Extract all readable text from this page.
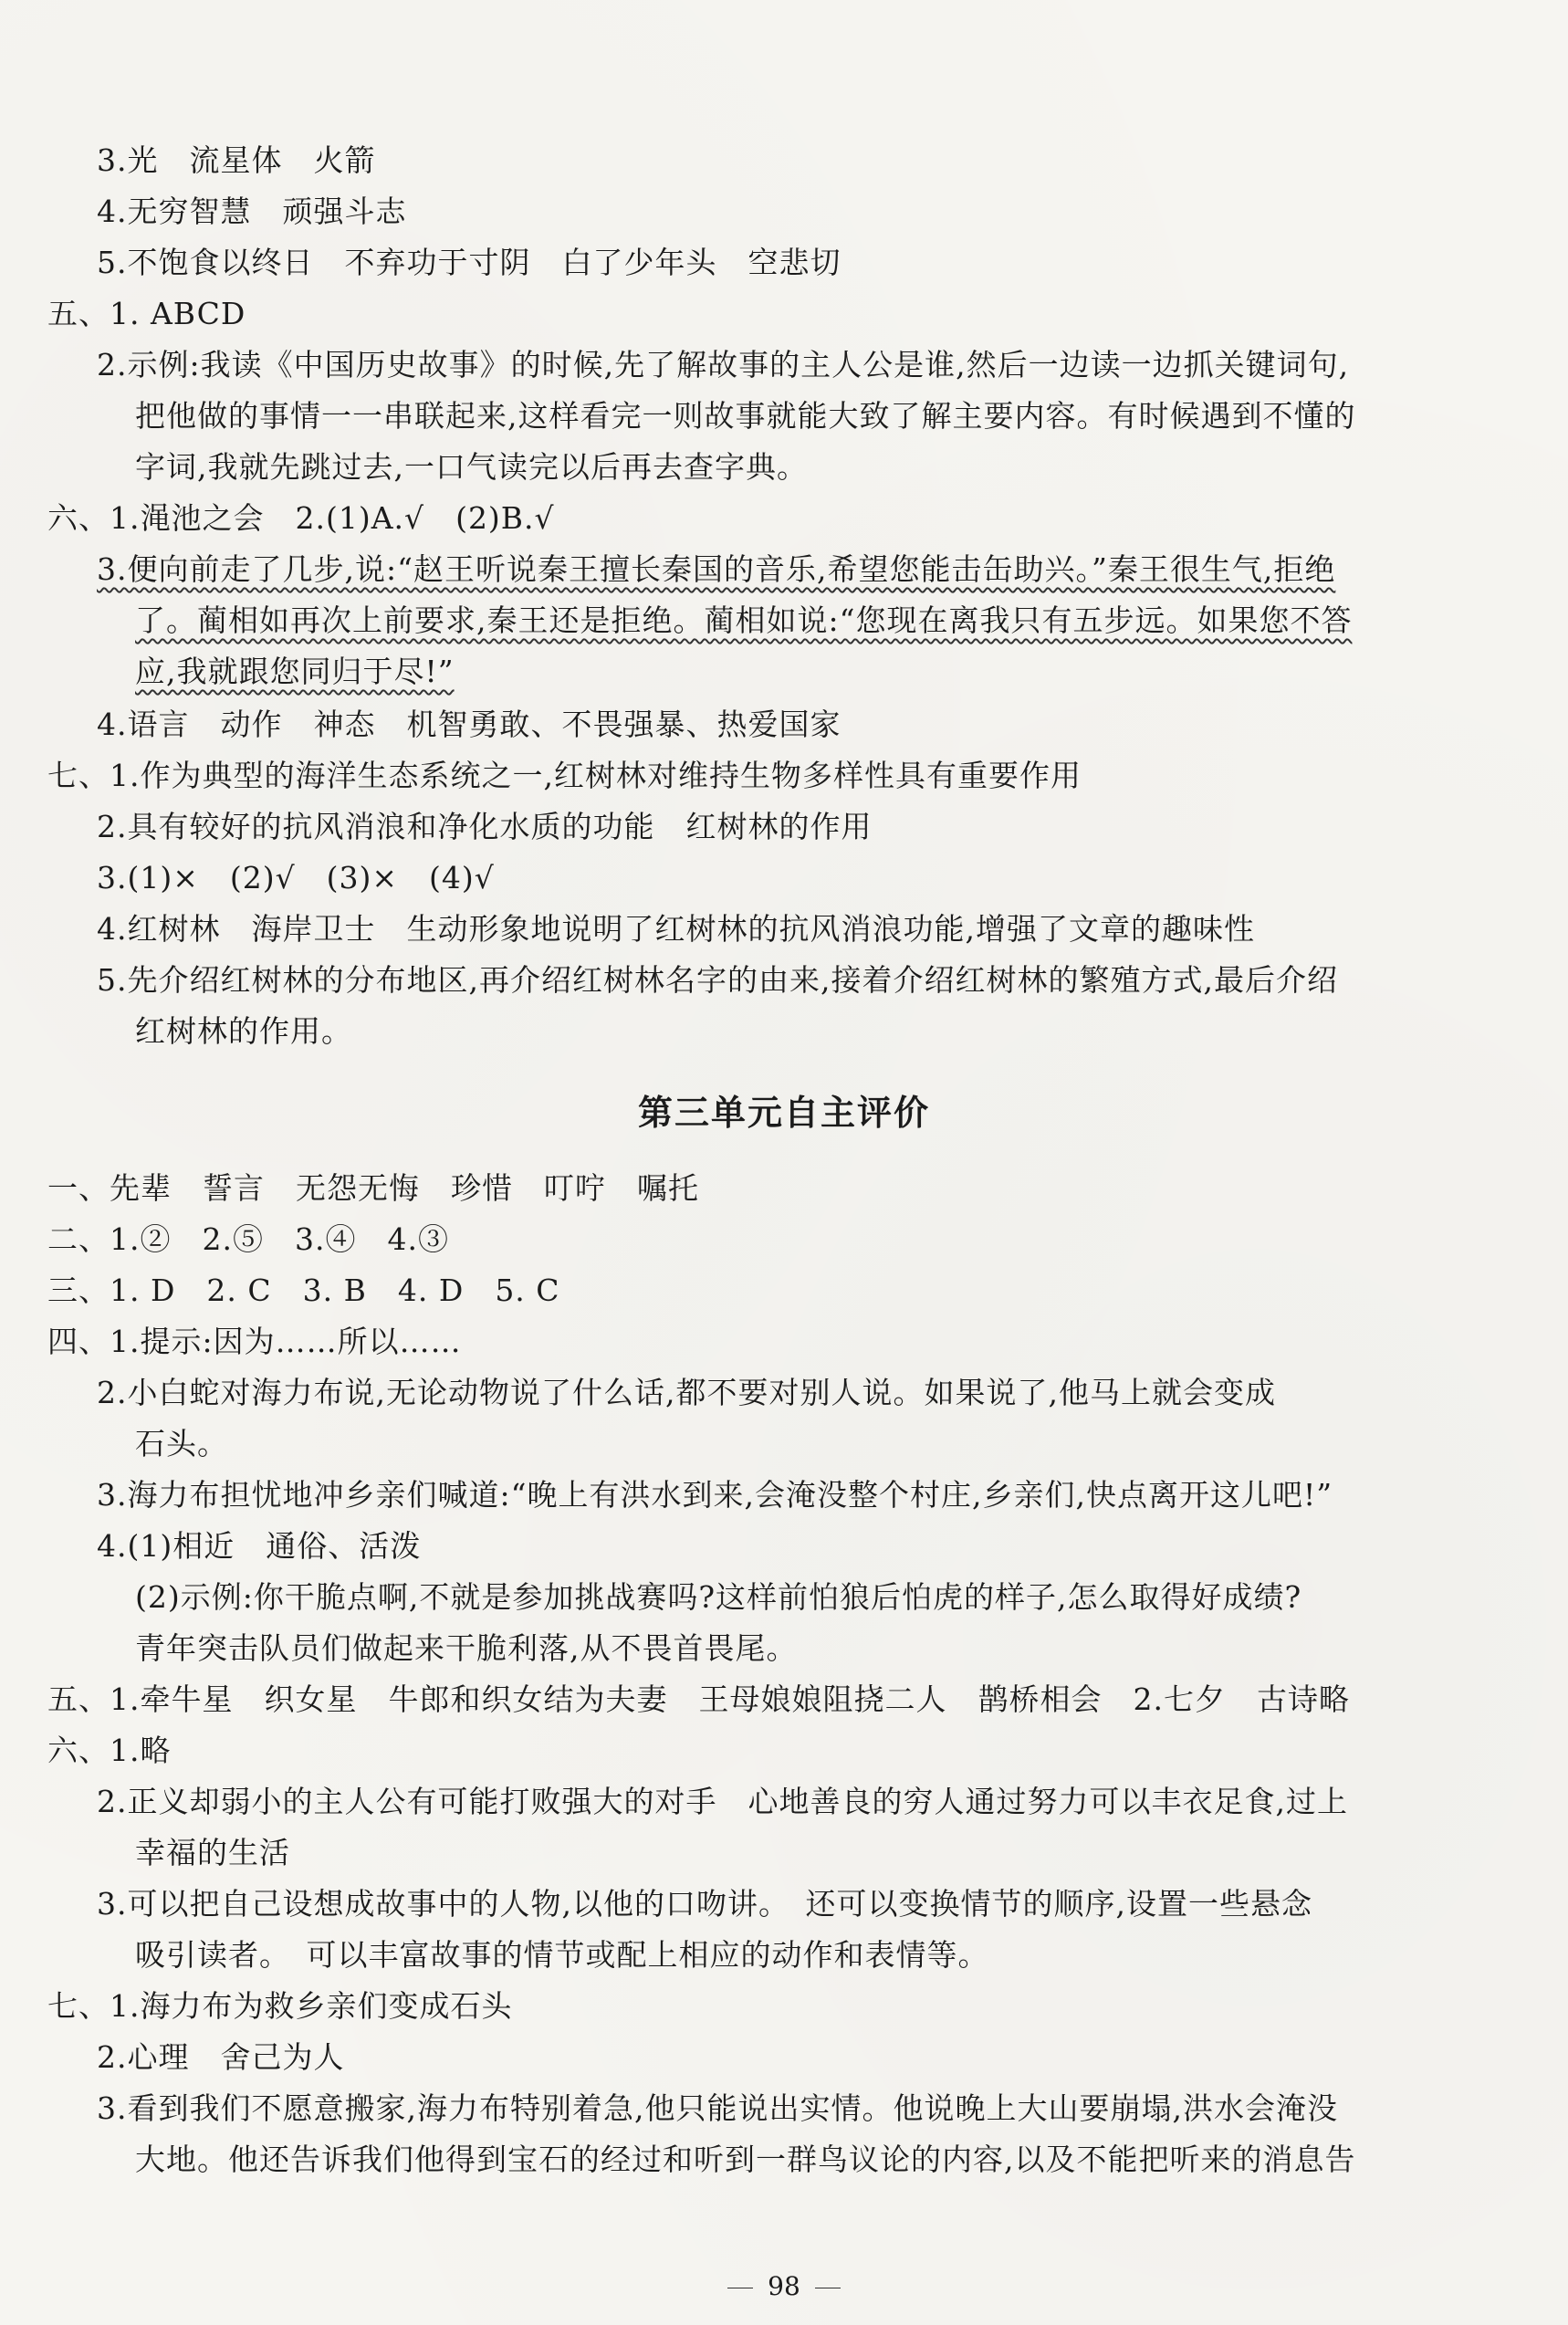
3.光　流星体　火箭
4.无穷智慧　顽强斗志
5.不饱食以终日　不弃功于寸阴　白了少年头　空悲切
五、1. ABCD
2.示例:我读《中国历史故事》的时候,先了解故事的主人公是谁,然后一边读一边抓关键词句,
把他做的事情一一串联起来,这样看完一则故事就能大致了解主要内容。有时候遇到不懂的
字词,我就先跳过去,一口气读完以后再去查字典。
六、1.渑池之会　2.(1)A.√　(2)B.√
3.便向前走了几步,说:“赵王听说秦王擅长秦国的音乐,希望您能击缶助兴。”秦王很生气,拒绝
了。蔺相如再次上前要求,秦王还是拒绝。蔺相如说:“您现在离我只有五步远。如果您不答
应,我就跟您同归于尽!”
4.语言　动作　神态　机智勇敢、不畏强暴、热爱国家
七、1.作为典型的海洋生态系统之一,红树林对维持生物多样性具有重要作用
2.具有较好的抗风消浪和净化水质的功能　红树林的作用
3.(1)×　(2)√　(3)×　(4)√
4.红树林　海岸卫士　生动形象地说明了红树林的抗风消浪功能,增强了文章的趣味性
5.先介绍红树林的分布地区,再介绍红树林名字的由来,接着介绍红树林的繁殖方式,最后介绍
红树林的作用。
第三单元自主评价
一、先辈　誓言　无怨无悔　珍惜　叮咛　嘱托
二、1.②　2.⑤　3.④　4.③
三、1. D　2. C　3. B　4. D　5. C
四、1.提示:因为……所以……
2.小白蛇对海力布说,无论动物说了什么话,都不要对别人说。如果说了,他马上就会变成
石头。
3.海力布担忧地冲乡亲们喊道:“晚上有洪水到来,会淹没整个村庄,乡亲们,快点离开这儿吧!”
4.(1)相近　通俗、活泼
(2)示例:你干脆点啊,不就是参加挑战赛吗?这样前怕狼后怕虎的样子,怎么取得好成绩?
青年突击队员们做起来干脆利落,从不畏首畏尾。
五、1.牵牛星　织女星　牛郎和织女结为夫妻　王母娘娘阻挠二人　鹊桥相会　2.七夕　古诗略
六、1.略
2.正义却弱小的主人公有可能打败强大的对手　心地善良的穷人通过努力可以丰衣足食,过上
幸福的生活
3.可以把自己设想成故事中的人物,以他的口吻讲。　还可以变换情节的顺序,设置一些悬念
吸引读者。　可以丰富故事的情节或配上相应的动作和表情等。
七、1.海力布为救乡亲们变成石头
2.心理　舍己为人
3.看到我们不愿意搬家,海力布特别着急,他只能说出实情。他说晚上大山要崩塌,洪水会淹没
大地。他还告诉我们他得到宝石的经过和听到一群鸟议论的内容,以及不能把听来的消息告
98
